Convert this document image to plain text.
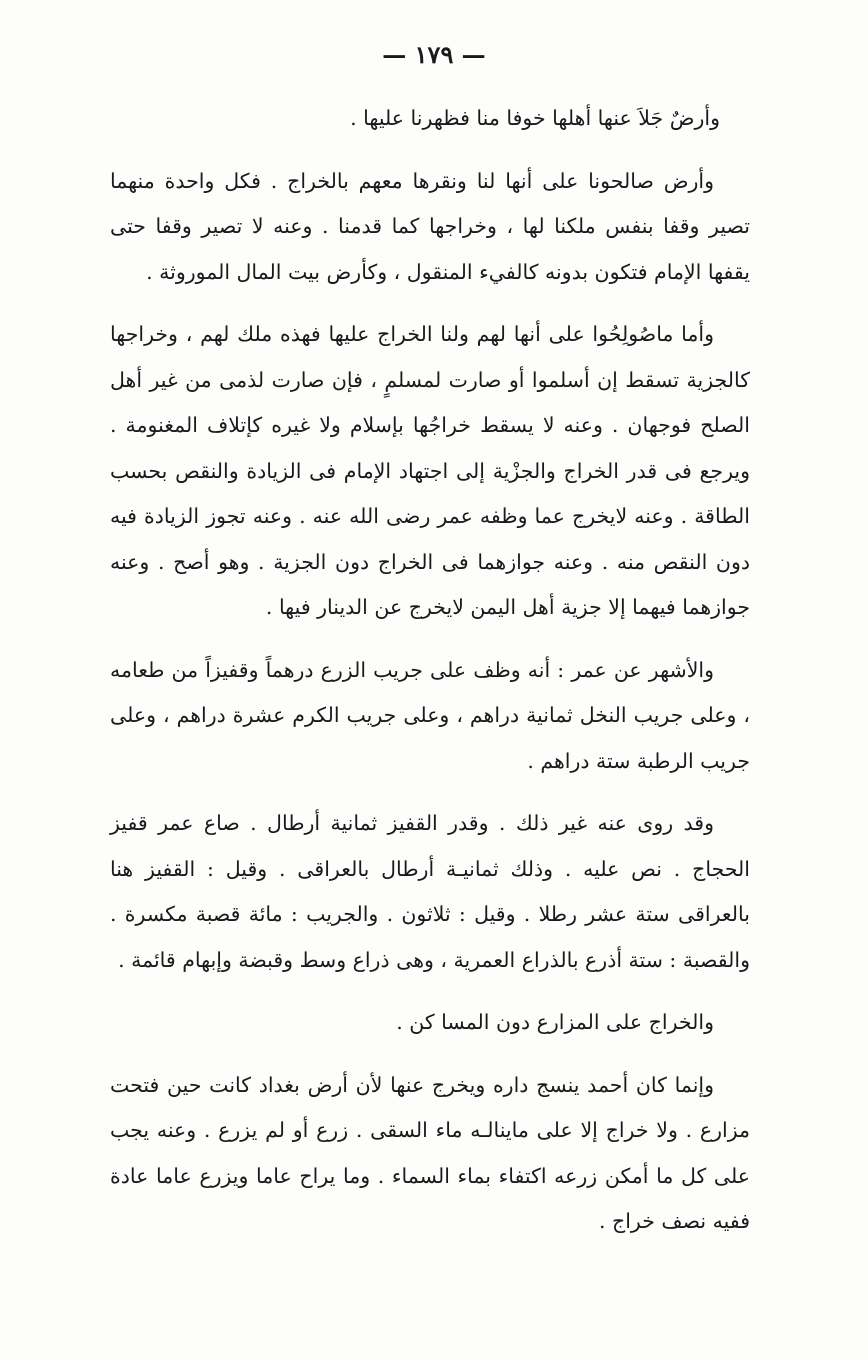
— ١٧٩ —

وأرضٌ جَلاَ عنها أهلها خوفا منا فظهرنا عليها .

وأرض صالحونا على أنها لنا ونقرها معهم بالخراج . فكل واحدة منهما تصير وقفا بنفس ملكنا لها ، وخراجها كما قدمنا . وعنه لا تصير وقفا حتى يقفها الإمام فتكون بدونه كالفيء المنقول ، وكأرض بيت المال الموروثة .

وأما ماصُولِحُوا على أنها لهم ولنا الخراج عليها فهذه ملك لهم ، وخراجها كالجزية تسقط إن أسلموا أو صارت لمسلمٍ ، فإن صارت لذمى من غير أهل الصلح فوجهان . وعنه لا يسقط خراجُها بإسلام ولا غيره كإتلاف المغنومة . ويرجع فى قدر الخراج والجزْية إلى اجتهاد الإمام فى الزيادة والنقص بحسب الطاقة . وعنه لايخرج عما وظفه عمر رضى الله عنه . وعنه تجوز الزيادة فيه دون النقص منه . وعنه جوازهما فى الخراج دون الجزية . وهو أصح . وعنه جوازهما فيهما إلا جزية أهل اليمن لايخرج عن الدينار فيها .

والأشهر عن عمر : أنه وظف على جريب الزرع درهماً وقفيزاً من طعامه ، وعلى جريب النخل ثمانية دراهم ، وعلى جريب الكرم عشرة دراهم ، وعلى جريب الرطبة ستة دراهم .

وقد روى عنه غير ذلك . وقدر القفيز ثمانية أرطال . صاع عمر قفيز الحجاج . نص عليه . وذلك ثمانيـة أرطال بالعراقى . وقيل : القفيز هنا بالعراقى ستة عشر رطلا . وقيل : ثلاثون . والجريب : مائة قصبة مكسرة . والقصبة : ستة أذرع بالذراع العمرية ، وهى ذراع وسط وقبضة وإبهام قائمة .

والخراج على المزارع دون المسا كن .

وإنما كان أحمد ينسج داره ويخرج عنها لأن أرض بغداد كانت حين فتحت مزارع . ولا خراج إلا على ماينالـه ماء السقى . زرع أو لم يزرع . وعنه يجب على كل ما أمكن زرعه اكتفاء بماء السماء . وما يراح عاما ويزرع عاما عادة ففيه نصف خراج .
